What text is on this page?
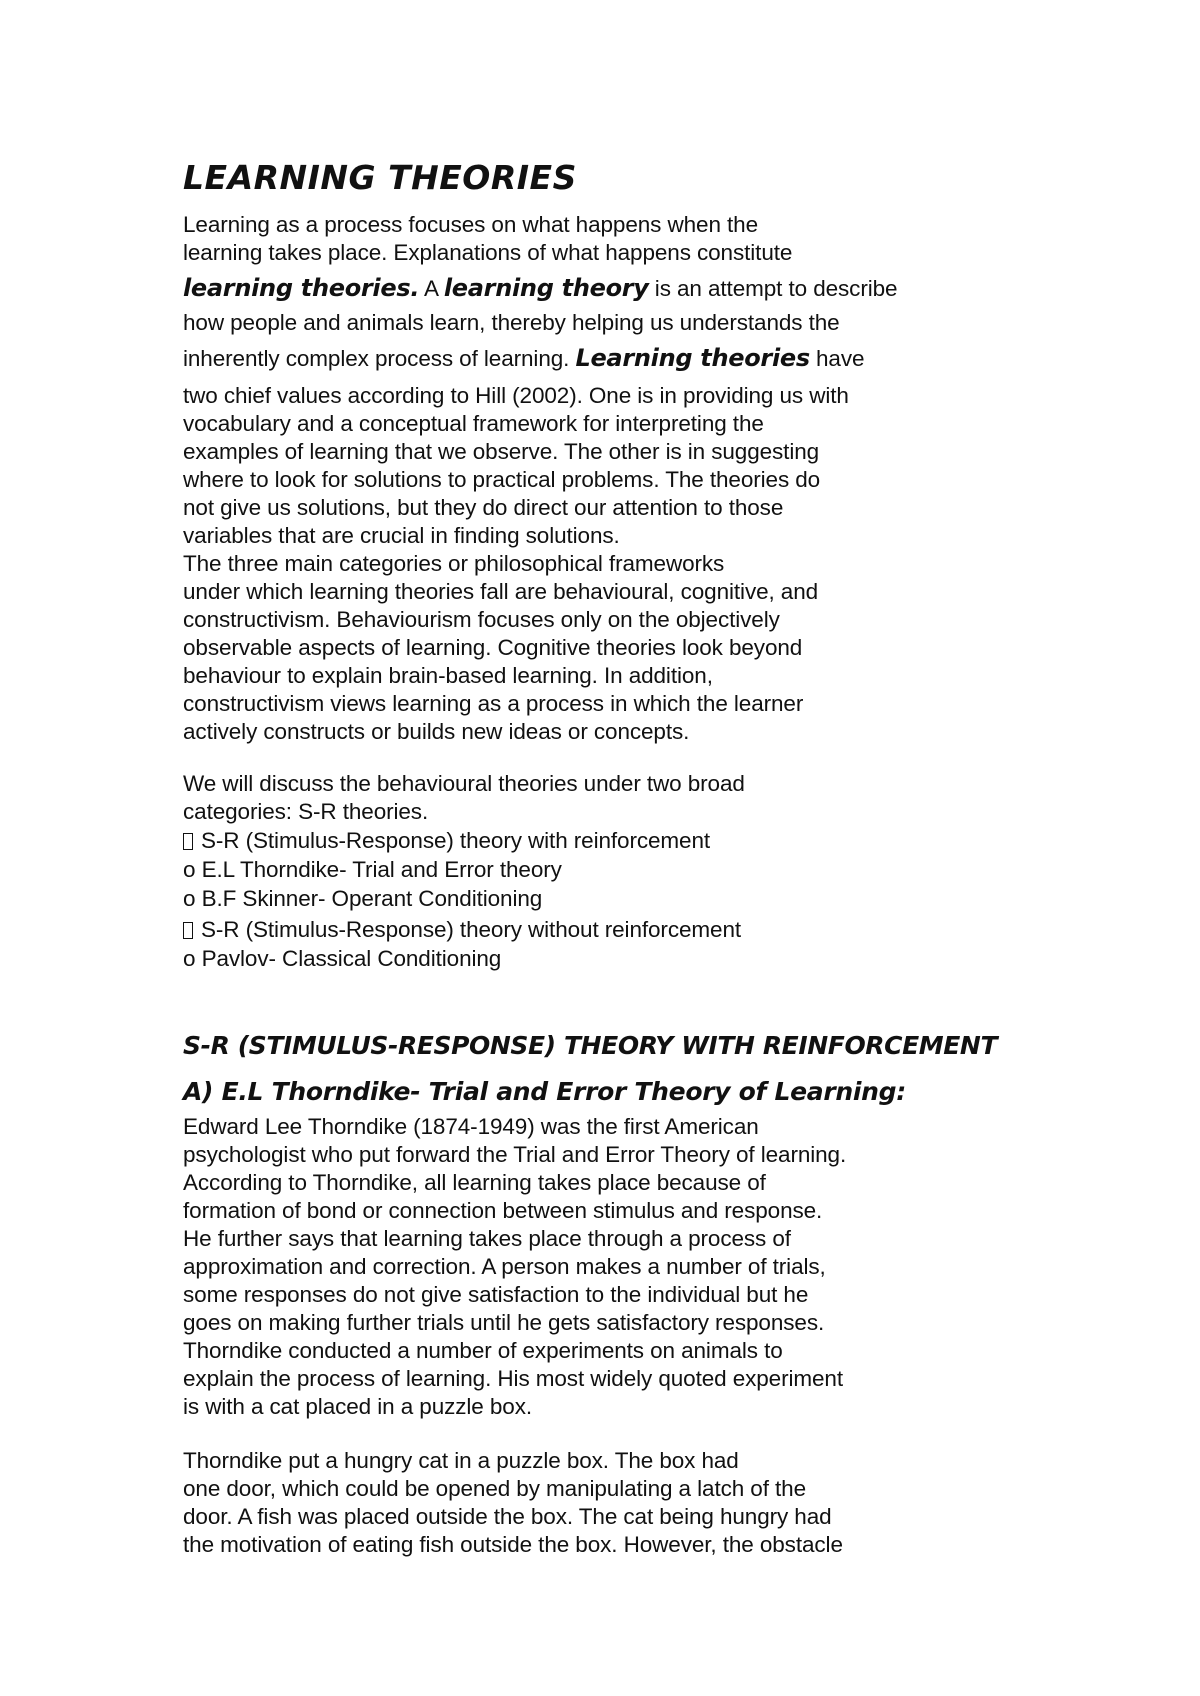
LEARNING THEORIES
Learning as a process focuses on what happens when the
learning takes place. Explanations of what happens constitute
learning theories. A learning theory is an attempt to describe
how people and animals learn, thereby helping us understands the
inherently complex process of learning. Learning theories have
two chief values according to Hill (2002). One is in providing us with
vocabulary and a conceptual framework for interpreting the
examples of learning that we observe. The other is in suggesting
where to look for solutions to practical problems. The theories do
not give us solutions, but they do direct our attention to those
variables that are crucial in finding solutions.
The three main categories or philosophical frameworks
under which learning theories fall are behavioural, cognitive, and
constructivism. Behaviourism focuses only on the objectively
observable aspects of learning. Cognitive theories look beyond
behaviour to explain brain-based learning. In addition,
constructivism views learning as a process in which the learner
actively constructs or builds new ideas or concepts.
We will discuss the behavioural theories under two broad
categories: S-R theories.
S-R (Stimulus-Response) theory with reinforcement
o E.L Thorndike- Trial and Error theory
o B.F Skinner- Operant Conditioning
S-R (Stimulus-Response) theory without reinforcement
o Pavlov- Classical Conditioning
S-R (STIMULUS-RESPONSE) THEORY WITH REINFORCEMENT
A) E.L Thorndike- Trial and Error Theory of Learning:
Edward Lee Thorndike (1874-1949) was the first American
psychologist who put forward the Trial and Error Theory of learning.
According to Thorndike, all learning takes place because of
formation of bond or connection between stimulus and response.
He further says that learning takes place through a process of
approximation and correction. A person makes a number of trials,
some responses do not give satisfaction to the individual but he
goes on making further trials until he gets satisfactory responses.
Thorndike conducted a number of experiments on animals to
explain the process of learning. His most widely quoted experiment
is with a cat placed in a puzzle box.
Thorndike put a hungry cat in a puzzle box. The box had
one door, which could be opened by manipulating a latch of the
door. A fish was placed outside the box. The cat being hungry had
the motivation of eating fish outside the box. However, the obstacle
